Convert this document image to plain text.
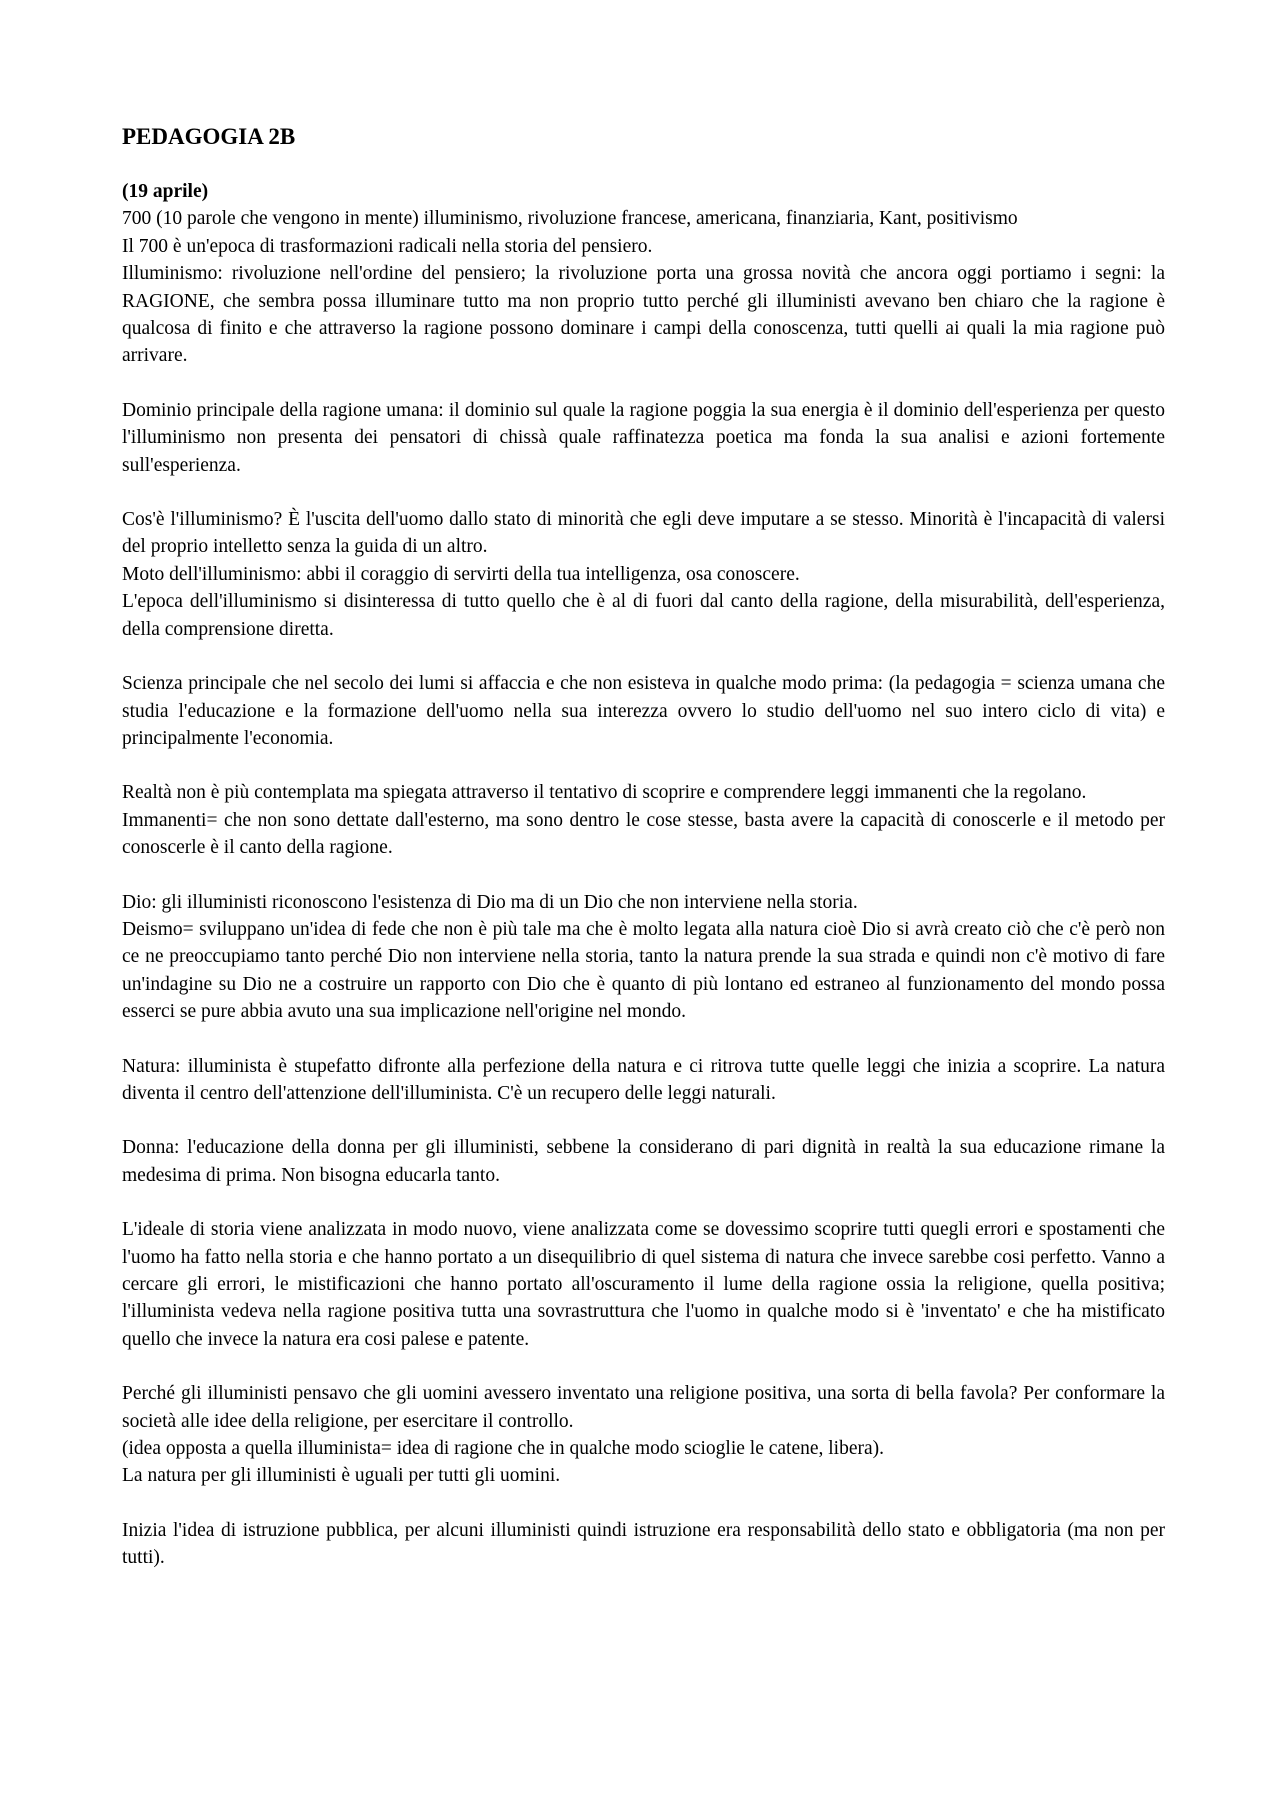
PEDAGOGIA 2B

(19 aprile)

700 (10 parole che vengono in mente) illuminismo, rivoluzione francese, americana, finanziaria, Kant, positivismo

Il 700 è un'epoca di trasformazioni radicali nella storia del pensiero.

Illuminismo: rivoluzione nell'ordine del pensiero; la rivoluzione porta una grossa novità che ancora oggi portiamo i segni: la RAGIONE, che sembra possa illuminare tutto ma non proprio tutto perché gli illuministi avevano ben chiaro che la ragione è qualcosa di finito e che attraverso la ragione possono dominare i campi della conoscenza, tutti quelli ai quali la mia ragione può arrivare.

Dominio principale della ragione umana: il dominio sul quale la ragione poggia la sua energia è il dominio dell'esperienza per questo l'illuminismo non presenta dei pensatori di chissà quale raffinatezza poetica ma fonda la sua analisi e azioni fortemente sull'esperienza.

Cos'è l'illuminismo? È l'uscita dell'uomo dallo stato di minorità che egli deve imputare a se stesso. Minorità è l'incapacità di valersi del proprio intelletto senza la guida di un altro.

Moto dell'illuminismo: abbi il coraggio di servirti della tua intelligenza, osa conoscere.

L'epoca dell'illuminismo si disinteressa di tutto quello che è al di fuori dal canto della ragione, della misurabilità, dell'esperienza, della comprensione diretta.

Scienza principale che nel secolo dei lumi si affaccia e che non esisteva in qualche modo prima: (la pedagogia = scienza umana che studia l'educazione e la formazione dell'uomo nella sua interezza ovvero lo studio dell'uomo nel suo intero ciclo di vita) e principalmente l'economia.

Realtà non è più contemplata ma spiegata attraverso il tentativo di scoprire e comprendere leggi immanenti che la regolano.

Immanenti= che non sono dettate dall'esterno, ma sono dentro le cose stesse, basta avere la capacità di conoscerle e il metodo per conoscerle è il canto della ragione.

Dio: gli illuministi riconoscono l'esistenza di Dio ma di un Dio che non interviene nella storia.

Deismo= sviluppano un'idea di fede che non è più tale ma che è molto legata alla natura cioè Dio si avrà creato ciò che c'è però non ce ne preoccupiamo tanto perché Dio non interviene nella storia, tanto la natura prende la sua strada e quindi non c'è motivo di fare un'indagine su Dio ne a costruire un rapporto con Dio che è quanto di più lontano ed estraneo al funzionamento del mondo possa esserci se pure abbia avuto una sua implicazione nell'origine nel mondo.

Natura: illuminista è stupefatto difronte alla perfezione della natura e ci ritrova tutte quelle leggi che inizia a scoprire. La natura diventa il centro dell'attenzione dell'illuminista. C'è un recupero delle leggi naturali.

Donna: l'educazione della donna per gli illuministi, sebbene la considerano di pari dignità in realtà la sua educazione rimane la medesima di prima. Non bisogna educarla tanto.

L'ideale di storia viene analizzata in modo nuovo, viene analizzata come se dovessimo scoprire tutti quegli errori e spostamenti che l'uomo ha fatto nella storia e che hanno portato a un disequilibrio di quel sistema di natura che invece sarebbe cosi perfetto. Vanno a cercare gli errori, le mistificazioni che hanno portato all'oscuramento il lume della ragione ossia la religione, quella positiva; l'illuminista vedeva nella ragione positiva tutta una sovrastruttura che l'uomo in qualche modo si è 'inventato' e che ha mistificato quello che invece la natura era cosi palese e patente.

Perché gli illuministi pensavo che gli uomini avessero inventato una religione positiva, una sorta di bella favola? Per conformare la società alle idee della religione, per esercitare il controllo.

(idea opposta a quella illuminista= idea di ragione che in qualche modo scioglie le catene, libera).

La natura per gli illuministi è uguali per tutti gli uomini.

Inizia l'idea di istruzione pubblica, per alcuni illuministi quindi istruzione era responsabilità dello stato e obbligatoria (ma non per tutti).
